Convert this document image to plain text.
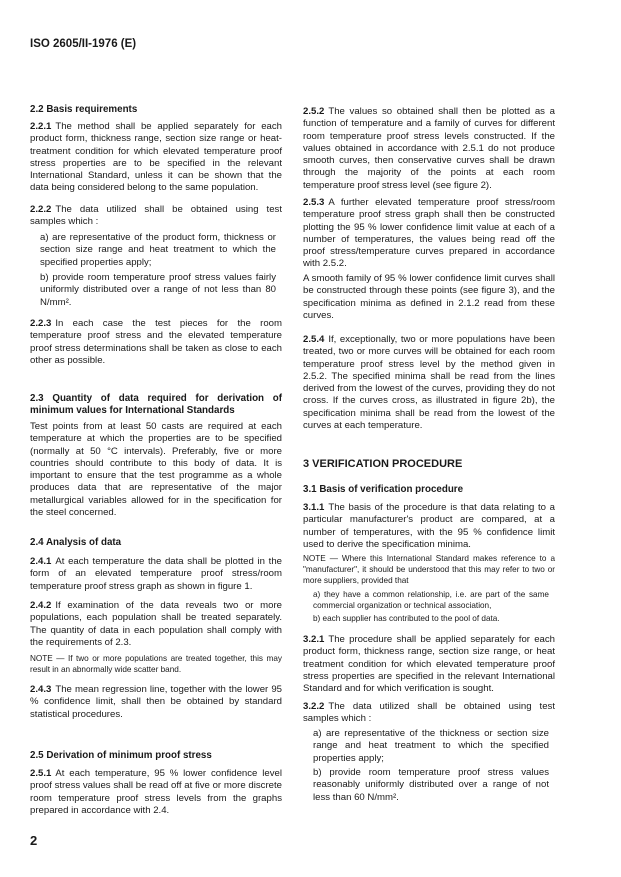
ISO 2605/II-1976 (E)
2.2 Basis requirements
2.2.1 The method shall be applied separately for each product form, thickness range, section size range or heat-treatment condition for which elevated temperature proof stress properties are to be specified in the relevant International Standard, unless it can be shown that the data being considered belong to the same population.
2.2.2 The data utilized shall be obtained using test samples which :
a) are representative of the product form, thickness or section size range and heat treatment to which the specified properties apply;
b) provide room temperature proof stress values fairly uniformly distributed over a range of not less than 80 N/mm².
2.2.3 In each case the test pieces for the room temperature proof stress and the elevated temperature proof stress determinations shall be taken as close to each other as possible.
2.3 Quantity of data required for derivation of minimum values for International Standards
Test points from at least 50 casts are required at each temperature at which the properties are to be specified (normally at 50 °C intervals). Preferably, five or more countries should contribute to this body of data. It is important to ensure that the test programme as a whole produces data that are representative of the major metallurgical variables allowed for in the specification for the steel concerned.
2.4 Analysis of data
2.4.1 At each temperature the data shall be plotted in the form of an elevated temperature proof stress/room temperature proof stress graph as shown in figure 1.
2.4.2 If examination of the data reveals two or more populations, each population shall be treated separately. The quantity of data in each population shall comply with the requirements of 2.3.
NOTE — If two or more populations are treated together, this may result in an abnormally wide scatter band.
2.4.3 The mean regression line, together with the lower 95 % confidence limit, shall then be obtained by standard statistical procedures.
2.5 Derivation of minimum proof stress
2.5.1 At each temperature, 95 % lower confidence level proof stress values shall be read off at five or more discrete room temperature proof stress levels from the graphs prepared in accordance with 2.4.
2
2.5.2 The values so obtained shall then be plotted as a function of temperature and a family of curves for different room temperature proof stress levels constructed. If the values obtained in accordance with 2.5.1 do not produce smooth curves, then conservative curves shall be drawn through the majority of the points at each room temperature proof stress level (see figure 2).
2.5.3 A further elevated temperature proof stress/room temperature proof stress graph shall then be constructed plotting the 95 % lower confidence limit value at each of a number of temperatures, the values being read off the proof stress/temperature curves prepared in accordance with 2.5.2.
A smooth family of 95 % lower confidence limit curves shall be constructed through these points (see figure 3), and the specification minima as defined in 2.1.2 read from these curves.
2.5.4 If, exceptionally, two or more populations have been treated, two or more curves will be obtained for each room temperature proof stress level by the method given in 2.5.2. The specified minima shall be read from the lines derived from the lowest of the curves, providing they do not cross. If the curves cross, as illustrated in figure 2b), the specification minima shall be read from the lowest of the curves at each temperature.
3 VERIFICATION PROCEDURE
3.1 Basis of verification procedure
3.1.1 The basis of the procedure is that data relating to a particular manufacturer's product are compared, at a number of temperatures, with the 95 % confidence limit used to derive the specification minima.
NOTE — Where this International Standard makes reference to a "manufacturer", it should be understood that this may refer to two or more suppliers, provided that
a) they have a common relationship, i.e. are part of the same commercial organization or technical association,
b) each supplier has contributed to the pool of data.
3.2.1 The procedure shall be applied separately for each product form, thickness range, section size range, or heat treatment condition for which elevated temperature proof stress properties are specified in the relevant International Standard and for which verification is sought.
3.2.2 The data utilized shall be obtained using test samples which :
a) are representative of the thickness or section size range and heat treatment to which the specified properties apply;
b) provide room temperature proof stress values reasonably uniformly distributed over a range of not less than 60 N/mm².
